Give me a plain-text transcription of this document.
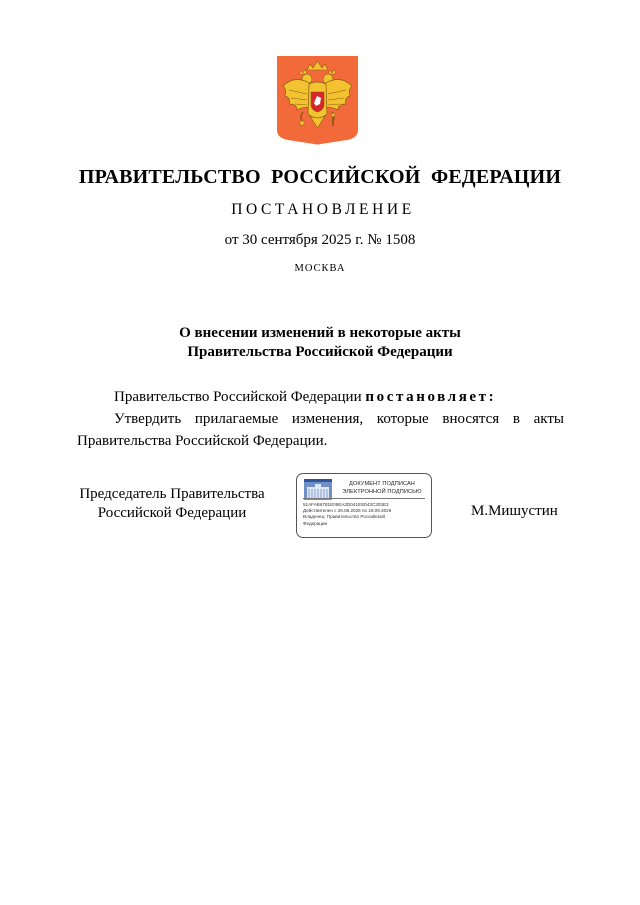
ПРАВИТЕЛЬСТВО  РОССИЙСКОЙ  ФЕДЕРАЦИИ
ПОСТАНОВЛЕНИЕ
от 30 сентября 2025 г. № 1508
МОСКВА
О внесении изменений в некоторые акты
Правительства Российской Федерации

Правительство Российской Федерации постановляет:

Утвердить прилагаемые изменения, которые вносятся в акты
Правительства Российской Федерации.
Председатель Правительства
Российской Федерации
ДОКУМЕНТ ПОДПИСАН
ЭЛЕКТРОННОЙ ПОДПИСЬЮ
51AFAB6781E05EA2D041E5D43C303E3
Действителен с 26.06.2025 по 19.09.2026
Владелец: Правительство Российской
Федерации
М.Мишустин
